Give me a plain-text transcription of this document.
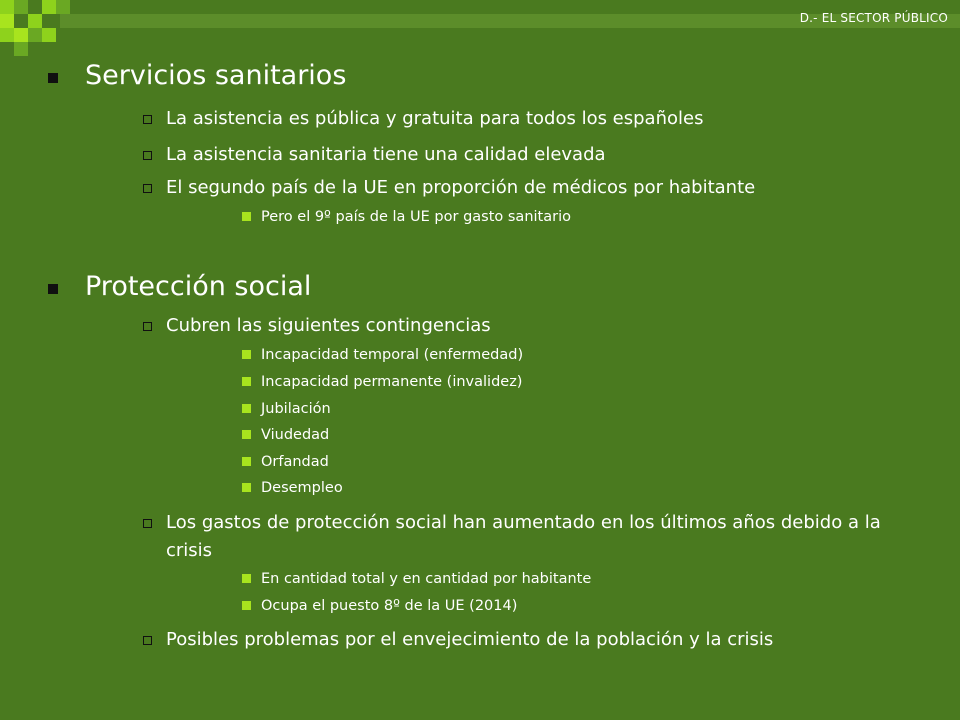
D.- EL SECTOR PÚBLICO
Servicios sanitarios
La asistencia es pública y gratuita para todos los españoles
La asistencia sanitaria tiene una calidad elevada
El segundo país de la UE en proporción de médicos por habitante
Pero el 9º país de la UE por gasto sanitario
Protección social
Cubren las siguientes contingencias
Incapacidad temporal (enfermedad)
Incapacidad permanente (invalidez)
Jubilación
Viudedad
Orfandad
Desempleo
Los gastos de protección social han aumentado en los últimos años debido a la crisis
En cantidad total y en cantidad por habitante
Ocupa el puesto 8º de la UE (2014)
Posibles problemas por el envejecimiento de la población y la crisis
